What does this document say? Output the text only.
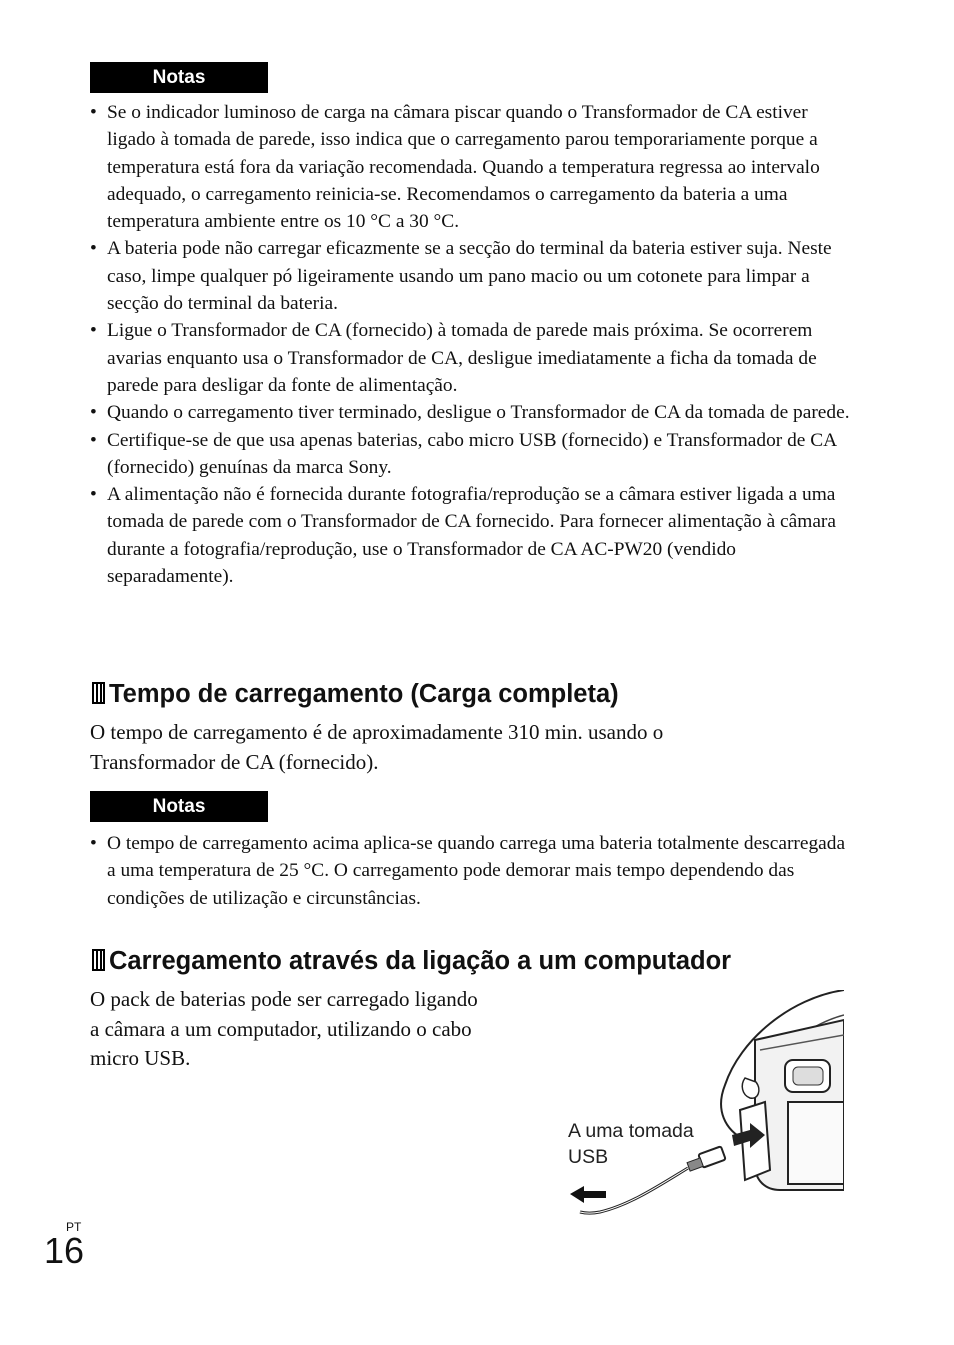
Notas
• Se o indicador luminoso de carga na câmara piscar quando o Transformador de CA estiver ligado à tomada de parede, isso indica que o carregamento parou temporariamente porque a temperatura está fora da variação recomendada. Quando a temperatura regressa ao intervalo adequado, o carregamento reinicia-se. Recomendamos o carregamento da bateria a uma temperatura ambiente entre os 10 °C a 30 °C.
• A bateria pode não carregar eficazmente se a secção do terminal da bateria estiver suja. Neste caso, limpe qualquer pó ligeiramente usando um pano macio ou um cotonete para limpar a secção do terminal da bateria.
• Ligue o Transformador de CA (fornecido) à tomada de parede mais próxima. Se ocorrerem avarias enquanto usa o Transformador de CA, desligue imediatamente a ficha da tomada de parede para desligar da fonte de alimentação.
• Quando o carregamento tiver terminado, desligue o Transformador de CA da tomada de parede.
• Certifique-se de que usa apenas baterias, cabo micro USB (fornecido) e Transformador de CA (fornecido) genuínas da marca Sony.
• A alimentação não é fornecida durante fotografia/reprodução se a câmara estiver ligada a uma tomada de parede com o Transformador de CA fornecido. Para fornecer alimentação à câmara durante a fotografia/reprodução, use o Transformador de CA AC-PW20 (vendido separadamente).
Tempo de carregamento (Carga completa)

O tempo de carregamento é de aproximadamente 310 min. usando o
Transformador de CA (fornecido).

Notas
• O tempo de carregamento acima aplica-se quando carrega uma bateria totalmente descarregada a uma temperatura de 25 °C. O carregamento pode demorar mais tempo dependendo das condições de utilização e circunstâncias.
Carregamento através da ligação a um computador

O pack de baterias pode ser carregado ligando
a câmara a um computador, utilizando o cabo
micro USB.

A uma tomada
USB
PT
16
